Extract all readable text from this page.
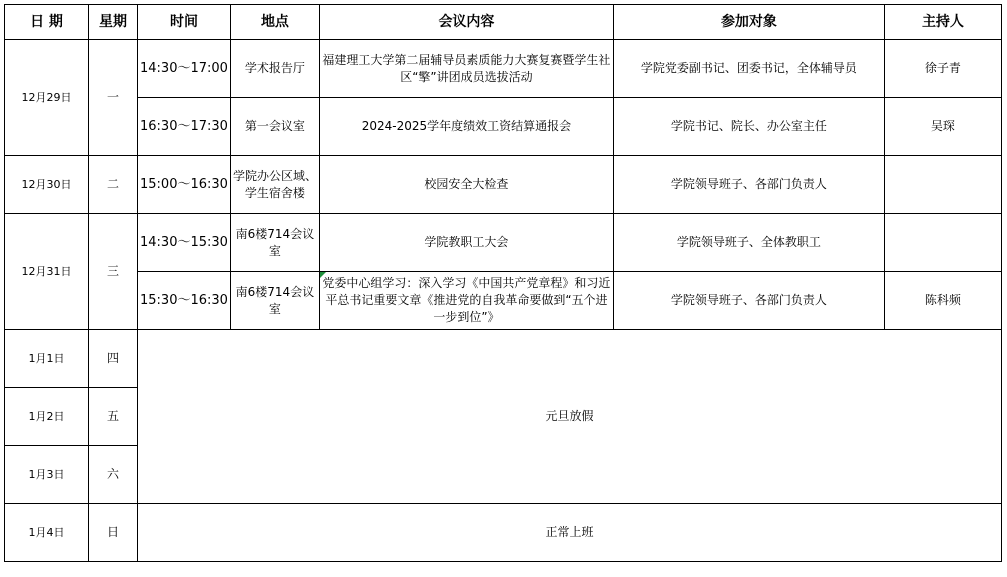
日 期	星期	时间	地点	会议内容	参加对象	主持人
12月29日	一	14:30～17:00	学术报告厅	福建理工大学第二届辅导员素质能力大赛复赛暨学生社区“擎”讲团成员选拔活动	学院党委副书记、团委书记，全体辅导员	徐子青
		16:30～17:30	第一会议室	2024-2025学年度绩效工资结算通报会	学院书记、院长、办公室主任	吴琛
12月30日	二	15:00～16:30	学院办公区域、学生宿舍楼	校园安全大检查	学院领导班子、各部门负责人	
12月31日	三	14:30～15:30	南6楼714会议室	学院教职工大会	学院领导班子、全体教职工	
		15:30～16:30	南6楼714会议室	党委中心组学习：深入学习《中国共产党章程》和习近平总书记重要文章《推进党的自我革命要做到“五个进一步到位”》	学院领导班子、各部门负责人	陈科频
1月1日	四	元旦放假				
1月2日	五					
1月3日	六					
1月4日	日	正常上班				
